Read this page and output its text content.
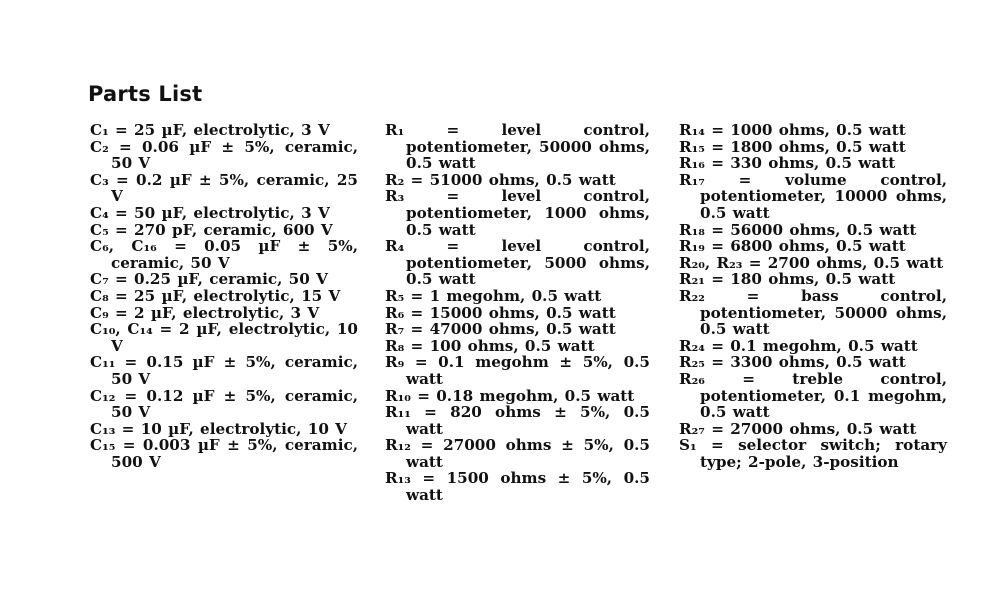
Parts List

C₁ = 25 µF, electrolytic, 3 V

C₂ = 0.06 µF ± 5%, ceramic, 50 V

C₃ = 0.2 µF ± 5%, ceramic, 25 V

C₄ = 50 µF, electrolytic, 3 V

C₅ = 270 pF, ceramic, 600 V

C₆, C₁₆ = 0.05 µF ± 5%, ceramic, 50 V

C₇ = 0.25 µF, ceramic, 50 V

C₈ = 25 µF, electrolytic, 15 V

C₉ = 2 µF, electrolytic, 3 V

C₁₀, C₁₄ = 2 µF, electrolytic, 10 V

C₁₁ = 0.15 µF ± 5%, ceramic, 50 V

C₁₂ = 0.12 µF ± 5%, ceramic, 50 V

C₁₃ = 10 µF, electrolytic, 10 V

C₁₅ = 0.003 µF ± 5%, ceramic, 500 V

R₁ = level control, potentiometer, 50000 ohms, 0.5 watt

R₂ = 51000 ohms, 0.5 watt

R₃ = level control, potentiometer, 1000 ohms, 0.5 watt

R₄ = level control, potentiometer, 5000 ohms, 0.5 watt

R₅ = 1 megohm, 0.5 watt

R₆ = 15000 ohms, 0.5 watt

R₇ = 47000 ohms, 0.5 watt

R₈ = 100 ohms, 0.5 watt

R₉ = 0.1 megohm ± 5%, 0.5 watt

R₁₀ = 0.18 megohm, 0.5 watt

R₁₁ = 820 ohms ± 5%, 0.5 watt

R₁₂ = 27000 ohms ± 5%, 0.5 watt

R₁₃ = 1500 ohms ± 5%, 0.5 watt

R₁₄ = 1000 ohms, 0.5 watt

R₁₅ = 1800 ohms, 0.5 watt

R₁₆ = 330 ohms, 0.5 watt

R₁₇ = volume control, potentiometer, 10000 ohms, 0.5 watt

R₁₈ = 56000 ohms, 0.5 watt

R₁₉ = 6800 ohms, 0.5 watt

R₂₀, R₂₃ = 2700 ohms, 0.5 watt

R₂₁ = 180 ohms, 0.5 watt

R₂₂ = bass control, potentiometer, 50000 ohms, 0.5 watt

R₂₄ = 0.1 megohm, 0.5 watt

R₂₅ = 3300 ohms, 0.5 watt

R₂₆ = treble control, potentiometer, 0.1 megohm, 0.5 watt

R₂₇ = 27000 ohms, 0.5 watt

S₁ = selector switch; rotary type; 2-pole, 3-position
